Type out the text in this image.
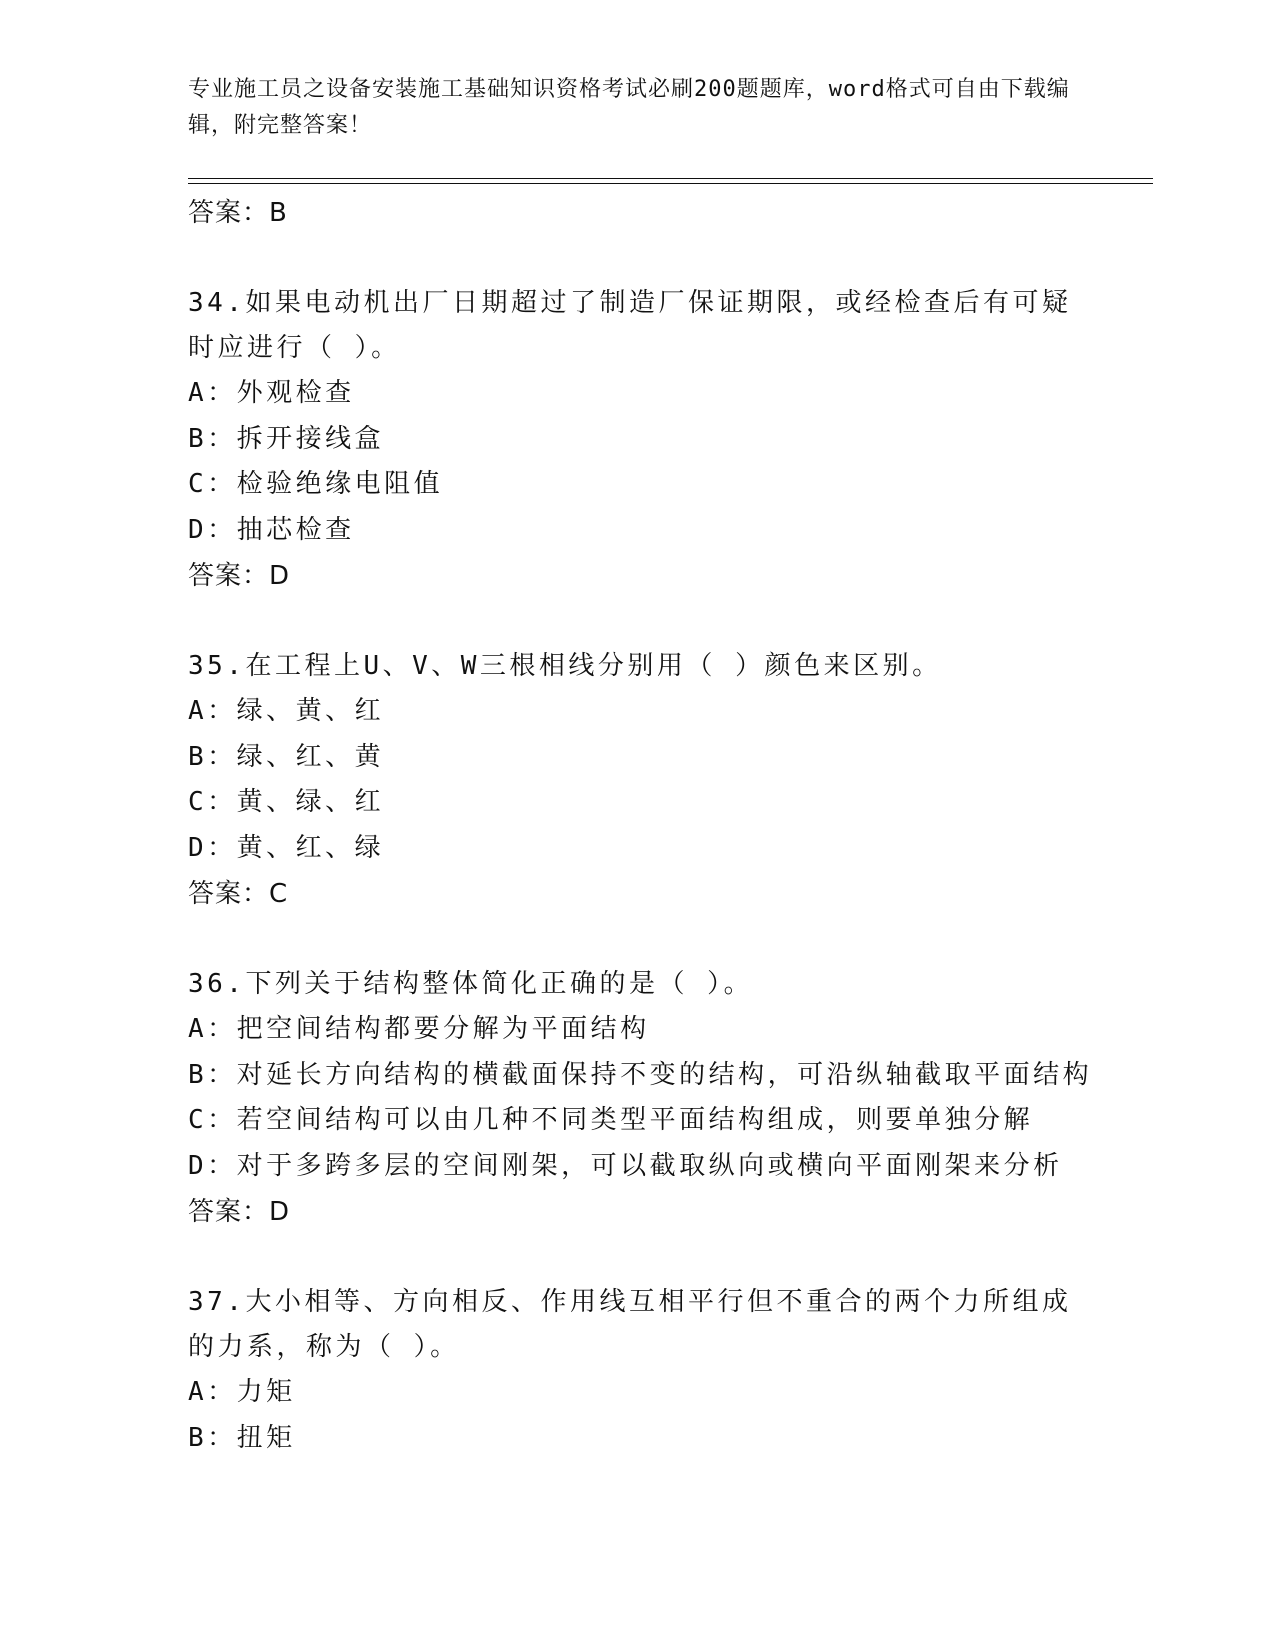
专业施工员之设备安装施工基础知识资格考试必刷200题题库，word格式可自由下载编辑，附完整答案！
答案：B
34.如果电动机出厂日期超过了制造厂保证期限，或经检查后有可疑时应进行（ ）。
A：外观检查
B：拆开接线盒
C：检验绝缘电阻值
D：抽芯检查
答案：D
35.在工程上U、V、W三根相线分别用（ ）颜色来区别。
A：绿、黄、红
B：绿、红、黄
C：黄、绿、红
D：黄、红、绿
答案：C
36.下列关于结构整体简化正确的是（ ）。
A：把空间结构都要分解为平面结构
B：对延长方向结构的横截面保持不变的结构，可沿纵轴截取平面结构
C：若空间结构可以由几种不同类型平面结构组成，则要单独分解
D：对于多跨多层的空间刚架，可以截取纵向或横向平面刚架来分析
答案：D
37.大小相等、方向相反、作用线互相平行但不重合的两个力所组成的力系，称为（ ）。
A：力矩
B：扭矩
